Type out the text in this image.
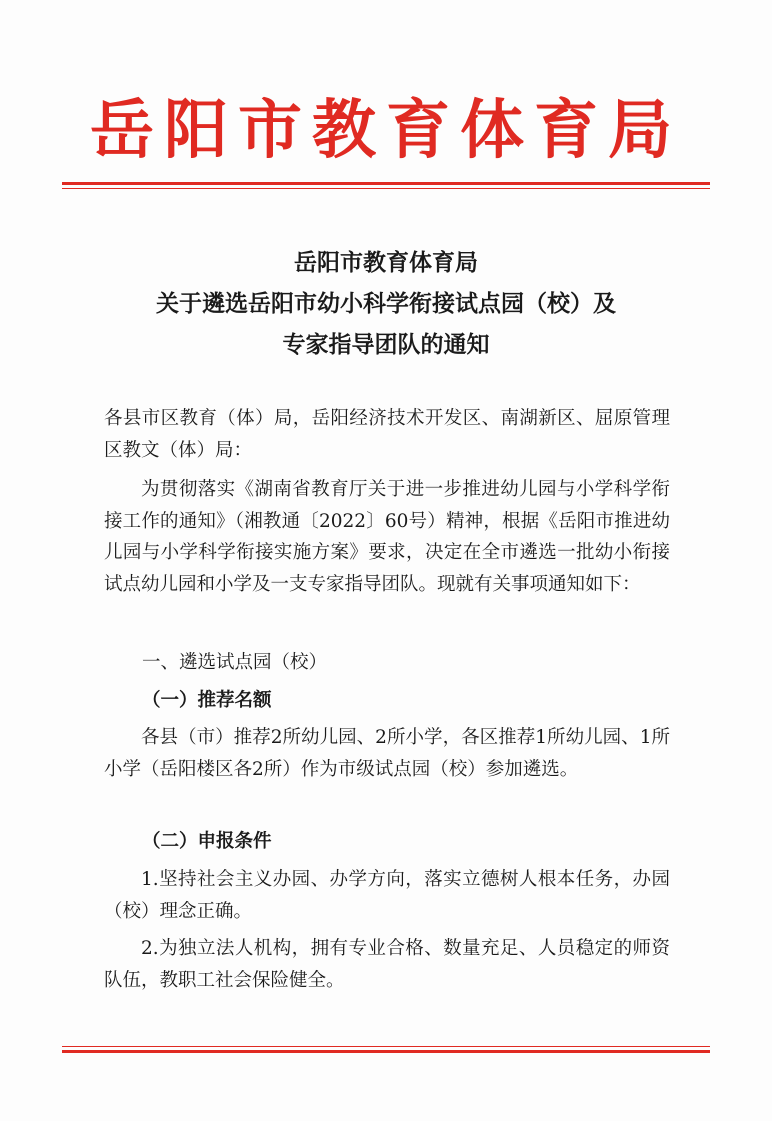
岳阳市教育体育局
岳阳市教育体育局
关于遴选岳阳市幼小科学衔接试点园（校）及
专家指导团队的通知
各县市区教育（体）局，岳阳经济技术开发区、南湖新区、屈原管理区教文（体）局：
为贯彻落实《湖南省教育厅关于进一步推进幼儿园与小学科学衔接工作的通知》（湘教通〔2022〕60号）精神，根据《岳阳市推进幼儿园与小学科学衔接实施方案》要求，决定在全市遴选一批幼小衔接试点幼儿园和小学及一支专家指导团队。现就有关事项通知如下：
一、遴选试点园（校）
（一）推荐名额
各县（市）推荐2所幼儿园、2所小学，各区推荐1所幼儿园、1所小学（岳阳楼区各2所）作为市级试点园（校）参加遴选。
（二）申报条件
1.坚持社会主义办园、办学方向，落实立德树人根本任务，办园（校）理念正确。
2.为独立法人机构，拥有专业合格、数量充足、人员稳定的师资队伍，教职工社会保险健全。
